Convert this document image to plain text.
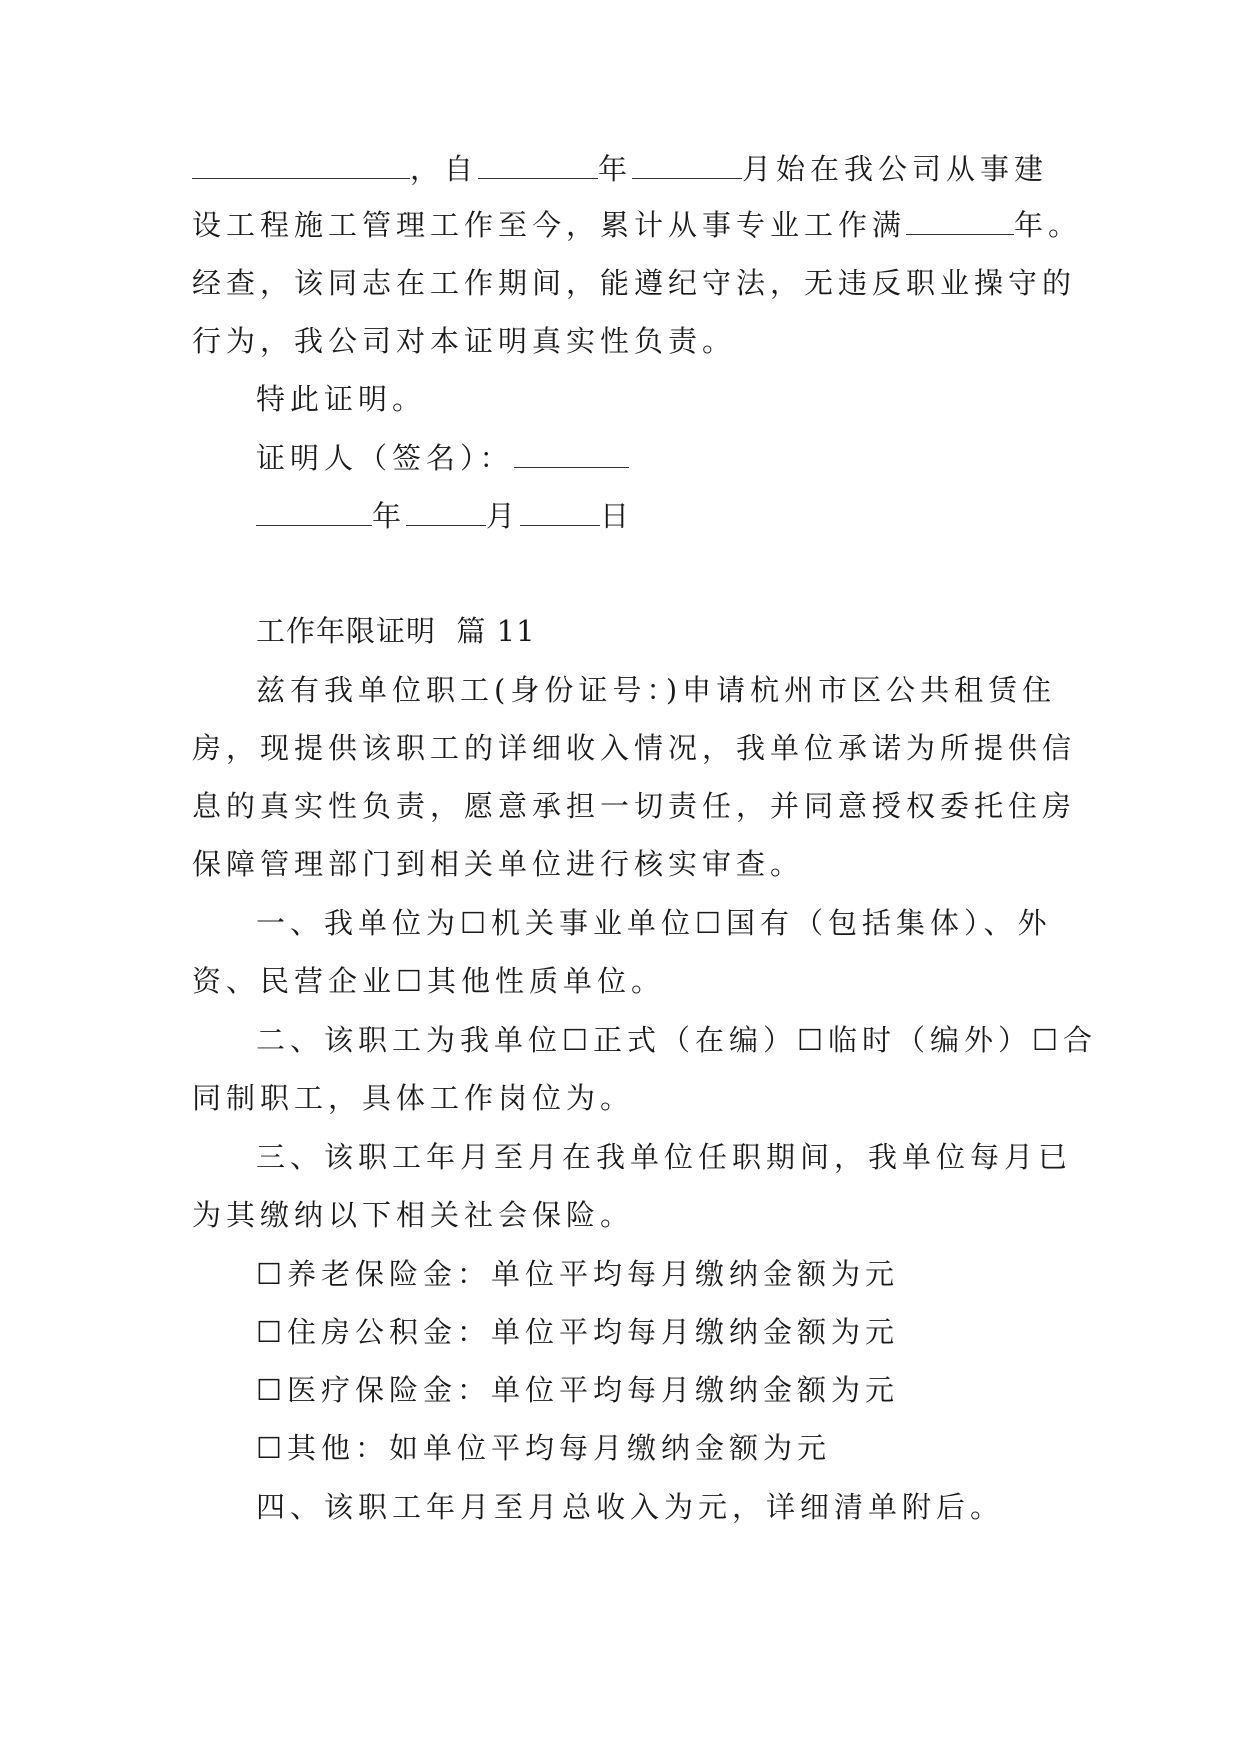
，自	年	月始在我公司从事建
设工程施工管理工作至今，累计从事专业工作满	年。
经查，该同志在工作期间，能遵纪守法，无违反职业操守的
行为，我公司对本证明真实性负责。
特此证明。
证明人（签名）：
年	月	日
工作年限证明  篇 11
兹有我单位职工(身份证号：)申请杭州市区公共租赁住
房，现提供该职工的详细收入情况，我单位承诺为所提供信
息的真实性负责，愿意承担一切责任，并同意授权委托住房
保障管理部门到相关单位进行核实审查。
一、我单位为☐机关事业单位☐国有（包括集体）、外
资、民营企业☐其他性质单位。
二、该职工为我单位☐正式（在编）☐临时（编外）☐合
同制职工，具体工作岗位为。
三、该职工年月至月在我单位任职期间，我单位每月已
为其缴纳以下相关社会保险。
☐养老保险金：单位平均每月缴纳金额为元
☐住房公积金：单位平均每月缴纳金额为元
☐医疗保险金：单位平均每月缴纳金额为元
☐其他：如单位平均每月缴纳金额为元
四、该职工年月至月总收入为元，详细清单附后。
